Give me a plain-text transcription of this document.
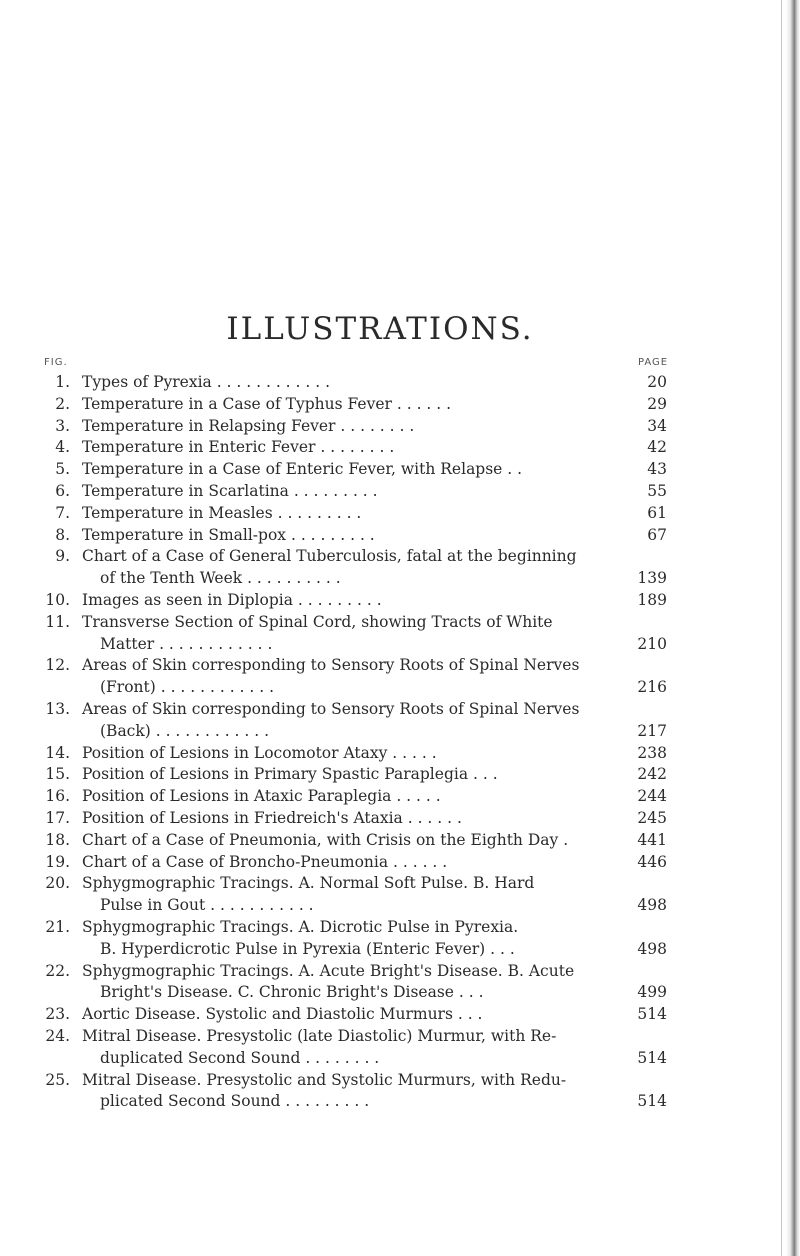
ILLUSTRATIONS.
FIG.	PAGE
1. Types of Pyrexia . . . . . . . . . . . .	20
2. Temperature in a Case of Typhus Fever . . . . . .	29
3. Temperature in Relapsing Fever . . . . . . . .	34
4. Temperature in Enteric Fever . . . . . . . .	42
5. Temperature in a Case of Enteric Fever, with Relapse . .	43
6. Temperature in Scarlatina . . . . . . . . .	55
7. Temperature in Measles . . . . . . . . .	61
8. Temperature in Small-pox . . . . . . . . .	67
9. Chart of a Case of General Tuberculosis, fatal at the beginning
of the Tenth Week . . . . . . . . . .	139
10. Images as seen in Diplopia . . . . . . . . .	189
11. Transverse Section of Spinal Cord, showing Tracts of White
Matter . . . . . . . . . . . .	210
12. Areas of Skin corresponding to Sensory Roots of Spinal Nerves
(Front) . . . . . . . . . . . .	216
13. Areas of Skin corresponding to Sensory Roots of Spinal Nerves
(Back) . . . . . . . . . . . .	217
14. Position of Lesions in Locomotor Ataxy . . . . .	238
15. Position of Lesions in Primary Spastic Paraplegia . . .	242
16. Position of Lesions in Ataxic Paraplegia . . . . .	244
17. Position of Lesions in Friedreich's Ataxia . . . . . .	245
18. Chart of a Case of Pneumonia, with Crisis on the Eighth Day .	441
19. Chart of a Case of Broncho-Pneumonia . . . . . .	446
20. Sphygmographic Tracings. A. Normal Soft Pulse. B. Hard
Pulse in Gout . . . . . . . . . . .	498
21. Sphygmographic Tracings. A. Dicrotic Pulse in Pyrexia.
B. Hyperdicrotic Pulse in Pyrexia (Enteric Fever) . . .	498
22. Sphygmographic Tracings. A. Acute Bright's Disease. B. Acute
Bright's Disease. C. Chronic Bright's Disease . . .	499
23. Aortic Disease. Systolic and Diastolic Murmurs . . .	514
24. Mitral Disease. Presystolic (late Diastolic) Murmur, with Re-
duplicated Second Sound . . . . . . . .	514
25. Mitral Disease. Presystolic and Systolic Murmurs, with Redu-
plicated Second Sound . . . . . . . . .	514
